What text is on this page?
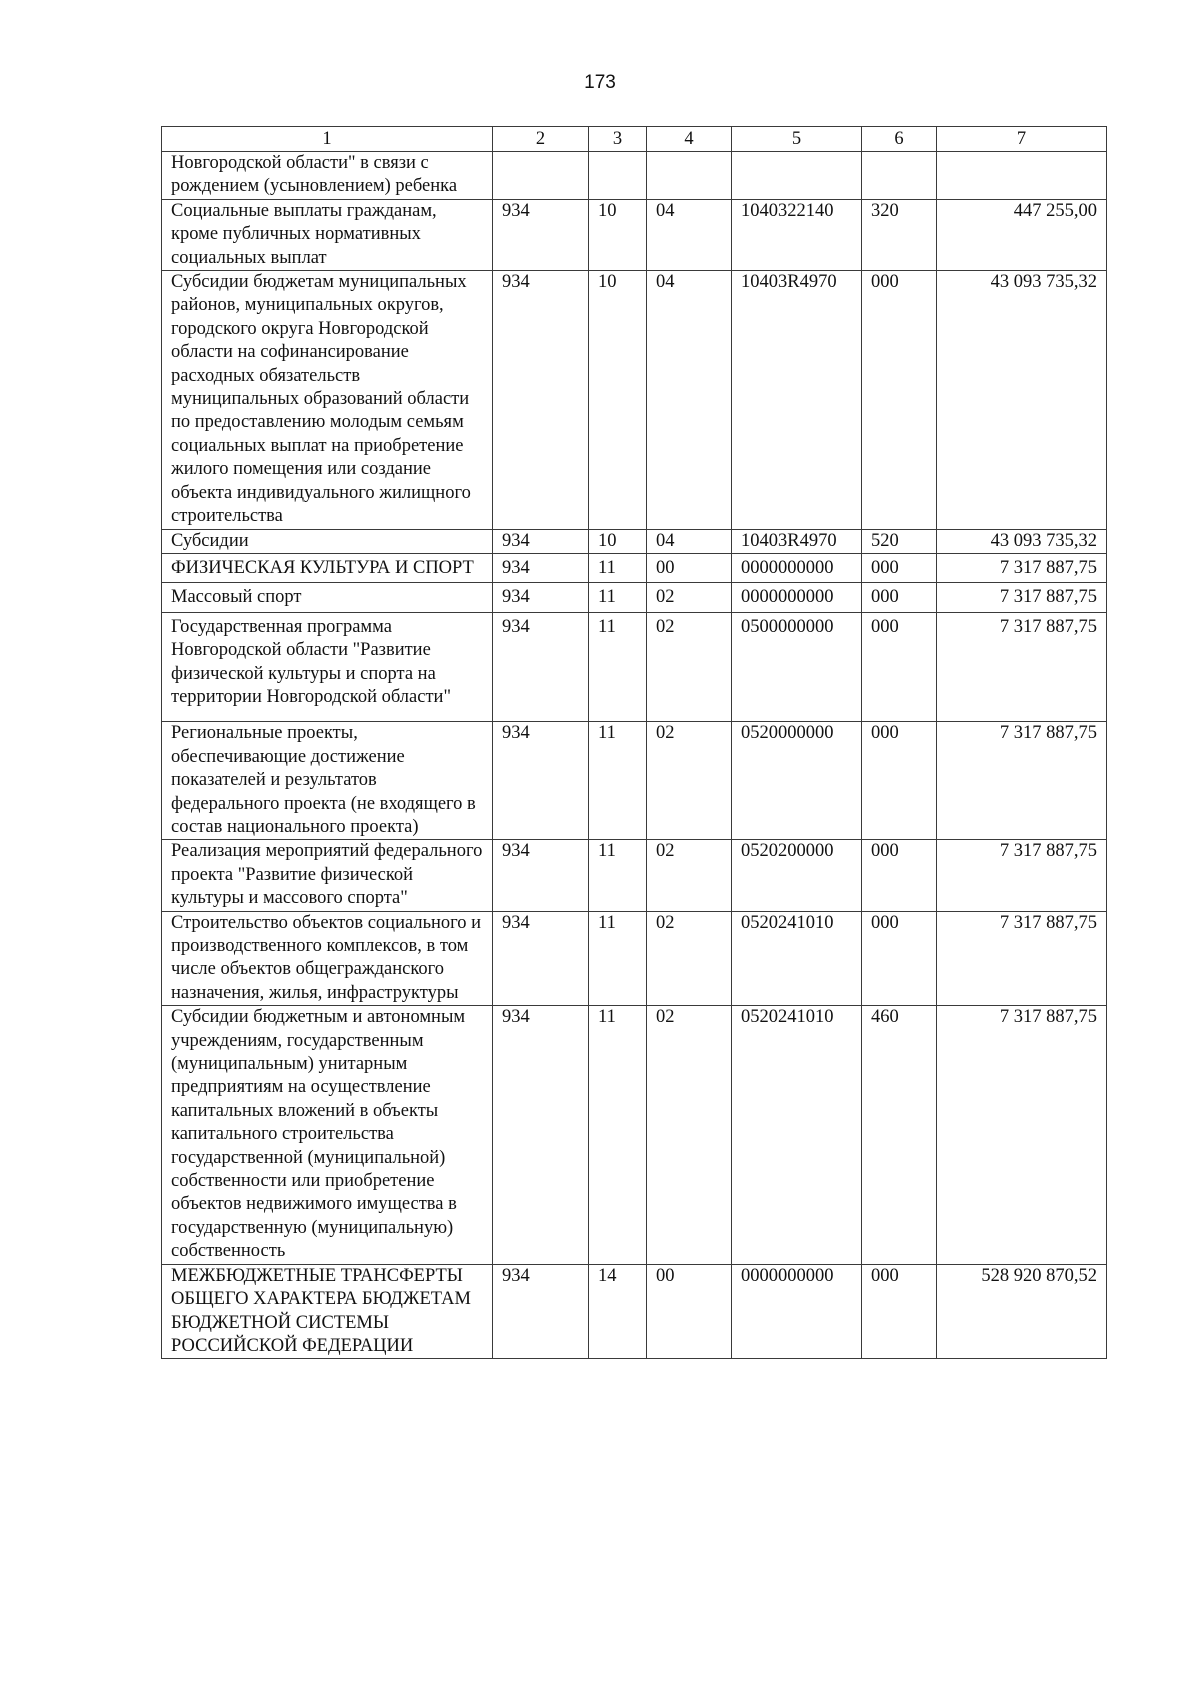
173
1	2	3	4	5	6	7
Новгородской области" в связи с рождением (усыновлением) ребенка						
Социальные выплаты гражданам, кроме публичных нормативных социальных выплат	934	10	04	1040322140	320	447 255,00
Субсидии бюджетам муниципальных районов, муниципальных округов, городского округа Новгородской области на софинансирование расходных обязательств муниципальных образований области по предоставлению молодым семьям социальных выплат на приобретение жилого помещения или создание объекта индивидуального жилищного строительства	934	10	04	10403R4970	000	43 093 735,32
Субсидии	934	10	04	10403R4970	520	43 093 735,32
ФИЗИЧЕСКАЯ КУЛЬТУРА И СПОРТ	934	11	00	0000000000	000	7 317 887,75
Массовый спорт	934	11	02	0000000000	000	7 317 887,75
Государственная программа Новгородской области "Развитие физической культуры и спорта на территории Новгородской области"	934	11	02	0500000000	000	7 317 887,75
Региональные проекты, обеспечивающие достижение показателей и результатов федерального проекта (не входящего в состав национального проекта)	934	11	02	0520000000	000	7 317 887,75
Реализация мероприятий федерального проекта "Развитие физической культуры и массового спорта"	934	11	02	0520200000	000	7 317 887,75
Строительство объектов социального и производственного комплексов, в том числе объектов общегражданского назначения, жилья, инфраструктуры	934	11	02	0520241010	000	7 317 887,75
Субсидии бюджетным и автономным учреждениям, государственным (муниципальным) унитарным предприятиям на осуществление капитальных вложений в объекты капитального строительства государственной (муниципальной) собственности или приобретение объектов недвижимого имущества в государственную (муниципальную) собственность	934	11	02	0520241010	460	7 317 887,75
МЕЖБЮДЖЕТНЫЕ ТРАНСФЕРТЫ ОБЩЕГО ХАРАКТЕРА БЮДЖЕТАМ БЮДЖЕТНОЙ СИСТЕМЫ РОССИЙСКОЙ ФЕДЕРАЦИИ	934	14	00	0000000000	000	528 920 870,52
